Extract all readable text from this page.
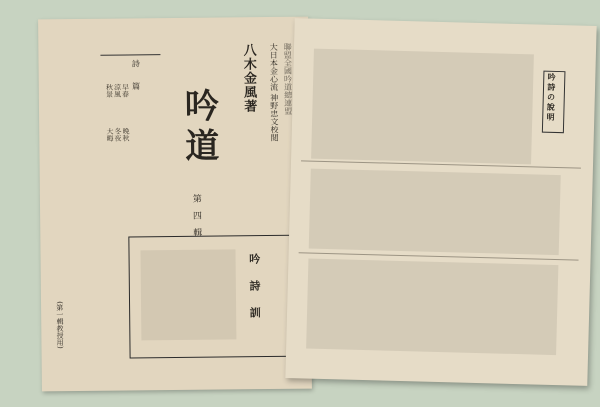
吟道
八木金風著 大日本金心流 神野忠文校閲 聯盟全國吟道總連盟
第四輯
詩 篇
早春
涼風
秋景
晚秋
冬夜
大晦
吟 詩 訓
(第一輯教授用)
吟詩の說明
